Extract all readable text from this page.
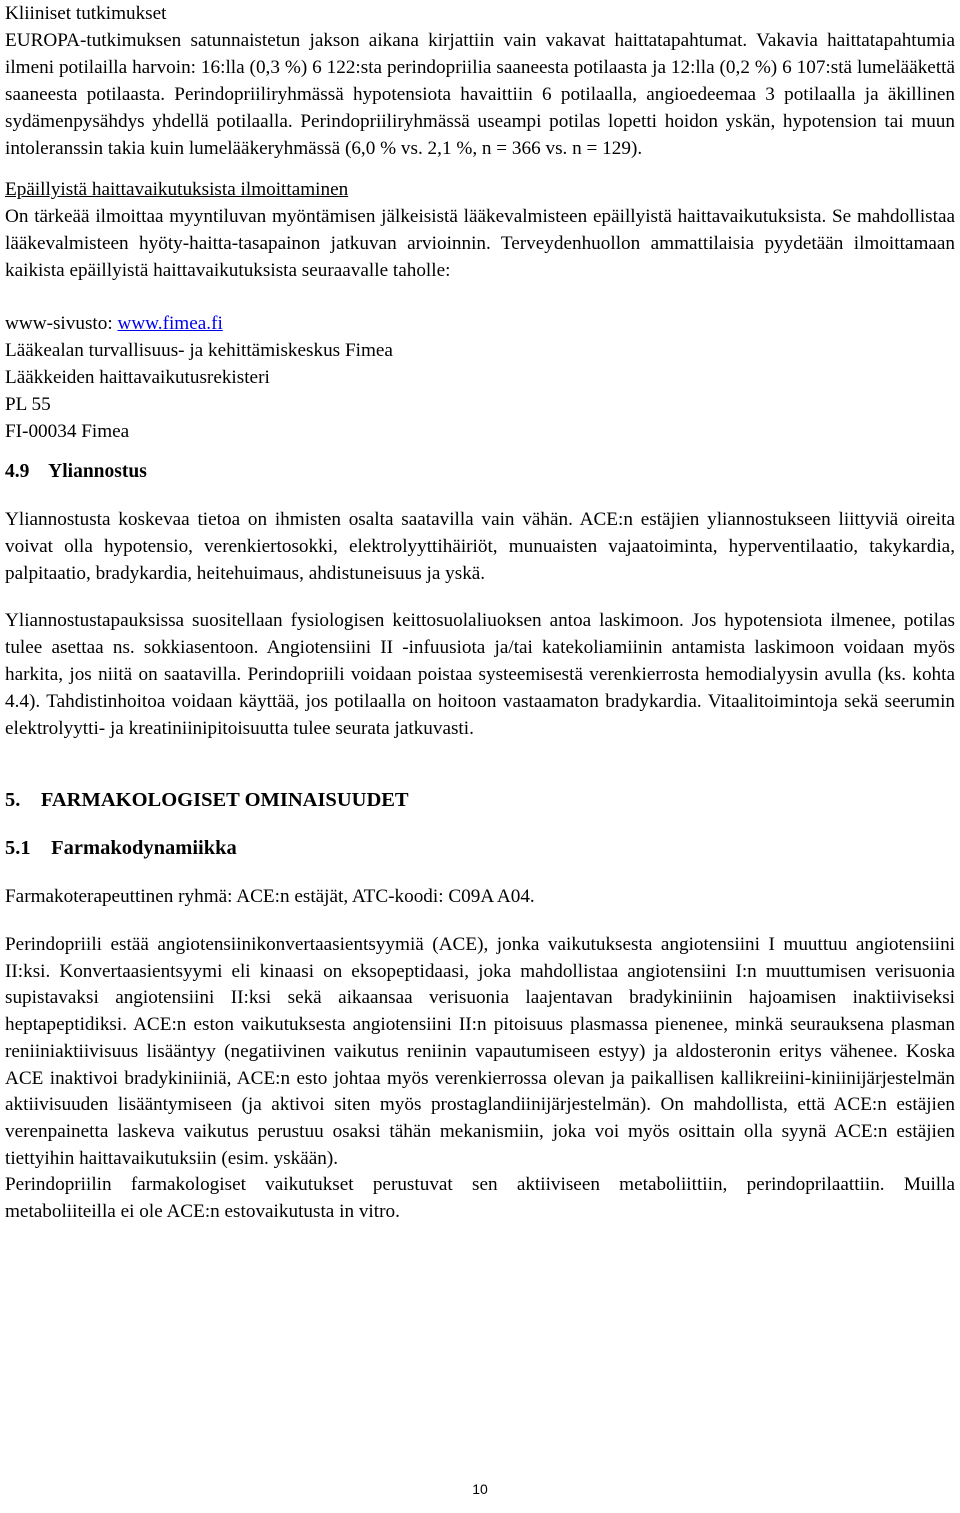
Kliiniset tutkimukset

EUROPA-tutkimuksen satunnaistetun jakson aikana kirjattiin vain vakavat haittatapahtumat. Vakavia haittatapahtumia ilmeni potilailla harvoin: 16:lla (0,3 %) 6 122:sta perindopriilia saaneesta potilaasta ja 12:lla (0,2 %) 6 107:stä lumelääkettä saaneesta potilaasta. Perindopriiliryhmässä hypotensiota havaittiin 6 potilaalla, angioedeemaa 3 potilaalla ja äkillinen sydämenpysähdys yhdellä potilaalla. Perindopriiliryhmässä useampi potilas lopetti hoidon yskän, hypotension tai muun intoleranssin takia kuin lumelääkeryhmässä (6,0 % vs. 2,1 %, n = 366 vs. n = 129).

Epäillyistä haittavaikutuksista ilmoittaminen

On tärkeää ilmoittaa myyntiluvan myöntämisen jälkeisistä lääkevalmisteen epäillyistä haittavaikutuksista. Se mahdollistaa lääkevalmisteen hyöty-haitta-tasapainon jatkuvan arvioinnin. Terveydenhuollon ammattilaisia pyydetään ilmoittamaan kaikista epäillyistä haittavaikutuksista seuraavalle taholle:

www-sivusto: www.fimea.fi

Lääkealan turvallisuus- ja kehittämiskeskus Fimea

Lääkkeiden haittavaikutusrekisteri

PL 55

FI-00034 Fimea

4.9 Yliannostus

Yliannostusta koskevaa tietoa on ihmisten osalta saatavilla vain vähän. ACE:n estäjien yliannostukseen liittyviä oireita voivat olla hypotensio, verenkiertosokki, elektrolyyttihäiriöt, munuaisten vajaatoiminta, hyperventilaatio, takykardia, palpitaatio, bradykardia, heitehuimaus, ahdistuneisuus ja yskä.

Yliannostustapauksissa suositellaan fysiologisen keittosuolaliuoksen antoa laskimoon. Jos hypotensiota ilmenee, potilas tulee asettaa ns. sokkiasentoon. Angiotensiini II -infuusiota ja/tai katekoliamiinin antamista laskimoon voidaan myös harkita, jos niitä on saatavilla. Perindopriili voidaan poistaa systeemisestä verenkierrosta hemodialyysin avulla (ks. kohta 4.4). Tahdistinhoitoa voidaan käyttää, jos potilaalla on hoitoon vastaamaton bradykardia. Vitaalitoimintoja sekä seerumin elektrolyytti- ja kreatiniinipitoisuutta tulee seurata jatkuvasti.

5. FARMAKOLOGISET OMINAISUUDET

5.1 Farmakodynamiikka

Farmakoterapeuttinen ryhmä: ACE:n estäjät, ATC-koodi: C09A A04.

Perindopriili estää angiotensiinikonvertaasientsyymiä (ACE), jonka vaikutuksesta angiotensiini I muuttuu angiotensiini II:ksi. Konvertaasientsyymi eli kinaasi on eksopeptidaasi, joka mahdollistaa angiotensiini I:n muuttumisen verisuonia supistavaksi angiotensiini II:ksi sekä aikaansaa verisuonia laajentavan bradykiniinin hajoamisen inaktiiviseksi heptapeptidiksi. ACE:n eston vaikutuksesta angiotensiini II:n pitoisuus plasmassa pienenee, minkä seurauksena plasman reniiniaktiivisuus lisääntyy (negatiivinen vaikutus reniinin vapautumiseen estyy) ja aldosteronin eritys vähenee. Koska ACE inaktivoi bradykiniiniä, ACE:n esto johtaa myös verenkierrossa olevan ja paikallisen kallikreiini-kiniinijärjestelmän aktiivisuuden lisääntymiseen (ja aktivoi siten myös prostaglandiinijärjestelmän). On mahdollista, että ACE:n estäjien verenpainetta laskeva vaikutus perustuu osaksi tähän mekanismiin, joka voi myös osittain olla syynä ACE:n estäjien tiettyihin haittavaikutuksiin (esim. yskään).

Perindopriilin farmakologiset vaikutukset perustuvat sen aktiiviseen metaboliittiin, perindoprilaattiin. Muilla metaboliiteilla ei ole ACE:n estovaikutusta in vitro.

10
